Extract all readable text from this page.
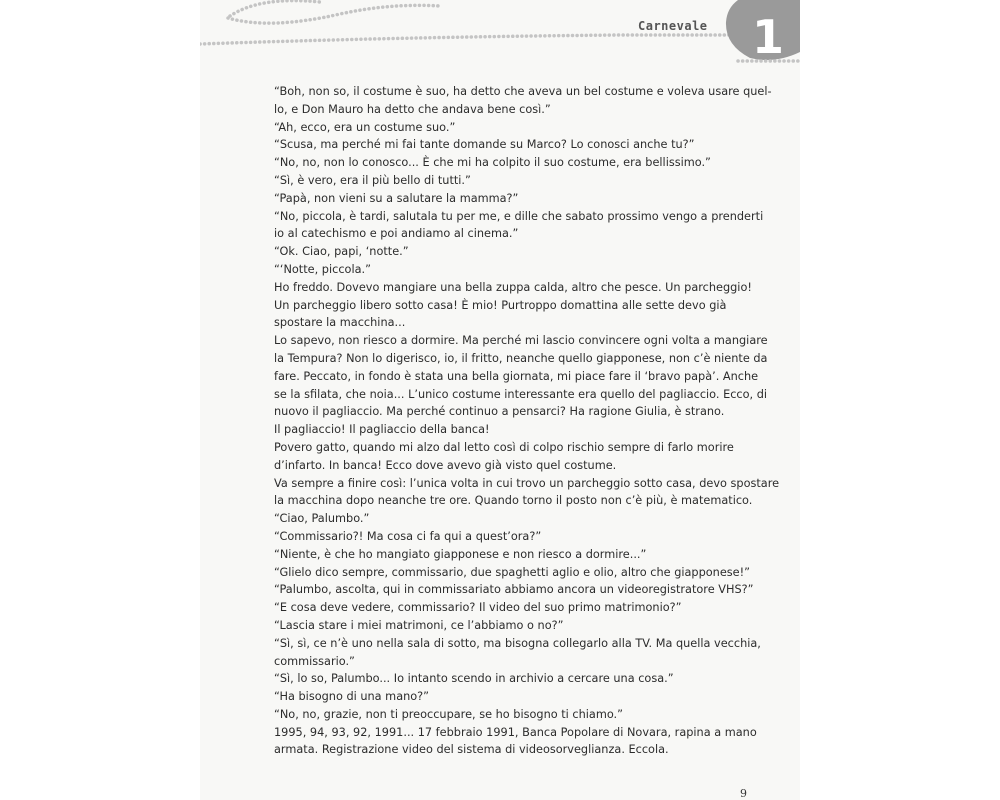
Carnevale 1
“Boh, non so, il costume è suo, ha detto che aveva un bel costume e voleva usare quel-
lo, e Don Mauro ha detto che andava bene così.”
“Ah, ecco, era un costume suo.”
“Scusa, ma perché mi fai tante domande su Marco? Lo conosci anche tu?”
“No, no, non lo conosco... È che mi ha colpito il suo costume, era bellissimo.”
“Sì, è vero, era il più bello di tutti.”
“Papà, non vieni su a salutare la mamma?”
“No, piccola, è tardi, salutala tu per me, e dille che sabato prossimo vengo a prenderti
io al catechismo e poi andiamo al cinema.”
“Ok. Ciao, papi, ‘notte.”
“‘Notte, piccola.”
Ho freddo. Dovevo mangiare una bella zuppa calda, altro che pesce. Un parcheggio!
Un parcheggio libero sotto casa! È mio! Purtroppo domattina alle sette devo già
spostare la macchina...
Lo sapevo, non riesco a dormire. Ma perché mi lascio convincere ogni volta a mangiare
la Tempura? Non lo digerisco, io, il fritto, neanche quello giapponese, non c’è niente da
fare. Peccato, in fondo è stata una bella giornata, mi piace fare il ‘bravo papà’. Anche
se la sfilata, che noia... L’unico costume interessante era quello del pagliaccio. Ecco, di
nuovo il pagliaccio. Ma perché continuo a pensarci? Ha ragione Giulia, è strano.
Il pagliaccio! Il pagliaccio della banca!
Povero gatto, quando mi alzo dal letto così di colpo rischio sempre di farlo morire
d’infarto. In banca! Ecco dove avevo già visto quel costume.
Va sempre a finire così: l’unica volta in cui trovo un parcheggio sotto casa, devo spostare
la macchina dopo neanche tre ore. Quando torno il posto non c’è più, è matematico.
“Ciao, Palumbo.”
“Commissario?! Ma cosa ci fa qui a quest’ora?”
“Niente, è che ho mangiato giapponese e non riesco a dormire...”
“Glielo dico sempre, commissario, due spaghetti aglio e olio, altro che giapponese!”
“Palumbo, ascolta, qui in commissariato abbiamo ancora un videoregistratore VHS?”
“E cosa deve vedere, commissario? Il video del suo primo matrimonio?”
“Lascia stare i miei matrimoni, ce l’abbiamo o no?”
“Sì, sì, ce n’è uno nella sala di sotto, ma bisogna collegarlo alla TV. Ma quella vecchia,
commissario.”
“Sì, lo so, Palumbo... Io intanto scendo in archivio a cercare una cosa.”
“Ha bisogno di una mano?”
“No, no, grazie, non ti preoccupare, se ho bisogno ti chiamo.”
1995, 94, 93, 92, 1991... 17 febbraio 1991, Banca Popolare di Novara, rapina a mano
armata. Registrazione video del sistema di videosorveglianza. Eccola.
9
